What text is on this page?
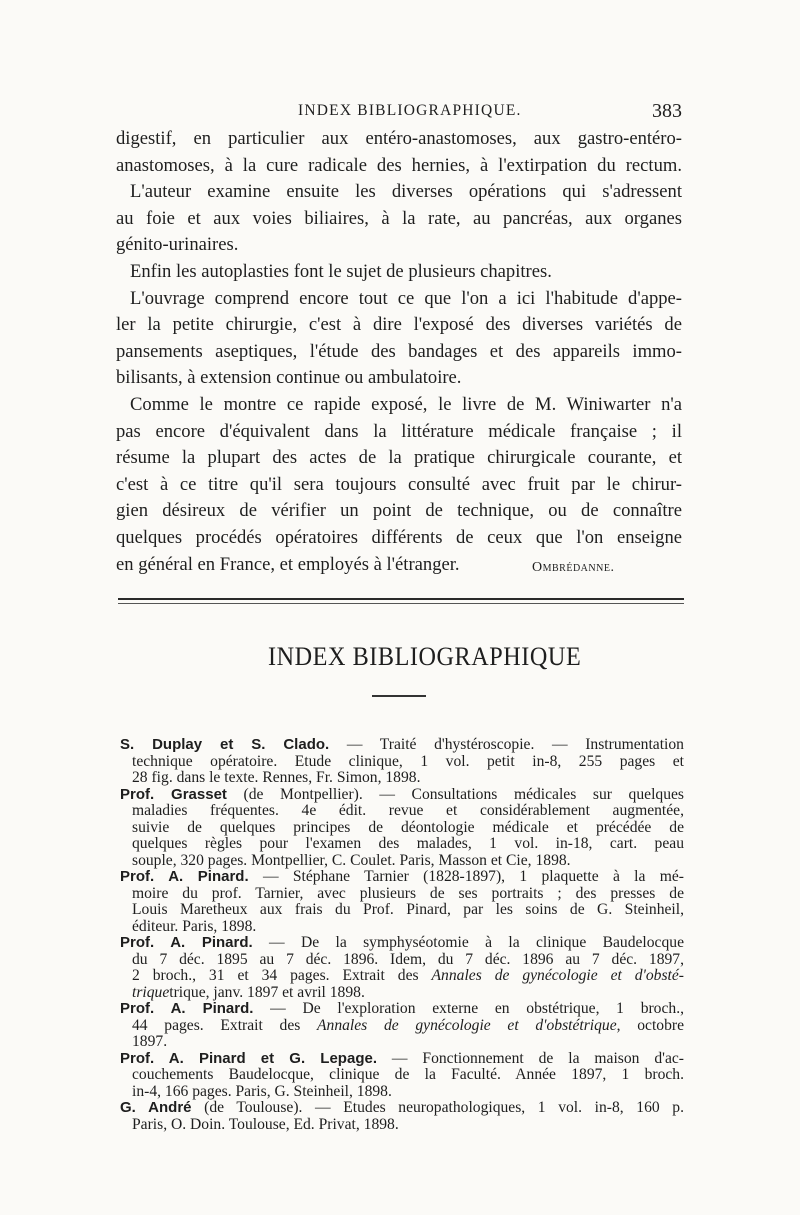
INDEX BIBLIOGRAPHIQUE.	383
digestif, en particulier aux entéro-anastomoses, aux gastro-entéro-
anastomoses, à la cure radicale des hernies, à l'extirpation du rectum.
L'auteur examine ensuite les diverses opérations qui s'adressent
au foie et aux voies biliaires, à la rate, au pancréas, aux organes
génito-urinaires.
Enfin les autoplasties font le sujet de plusieurs chapitres.
L'ouvrage comprend encore tout ce que l'on a ici l'habitude d'appe-
ler la petite chirurgie, c'est à dire l'exposé des diverses variétés de
pansements aseptiques, l'étude des bandages et des appareils immo-
bilisants, à extension continue ou ambulatoire.
Comme le montre ce rapide exposé, le livre de M. Winiwarter n'a
pas encore d'équivalent dans la littérature médicale française ; il
résume la plupart des actes de la pratique chirurgicale courante, et
c'est à ce titre qu'il sera toujours consulté avec fruit par le chirur-
gien désireux de vérifier un point de technique, ou de connaître
quelques procédés opératoires différents de ceux que l'on enseigne
en général en France, et employés à l'étranger.	Ombrédanne.
INDEX BIBLIOGRAPHIQUE
S. Duplay et S. Clado. — Traité d'hystéroscopie. — Instrumentation
technique opératoire. Etude clinique, 1 vol. petit in-8, 255 pages et
28 fig. dans le texte. Rennes, Fr. Simon, 1898.
Prof. Grasset (de Montpellier). — Consultations médicales sur quelques
maladies fréquentes. 4e édit. revue et considérablement augmentée,
suivie de quelques principes de déontologie médicale et précédée de
quelques règles pour l'examen des malades, 1 vol. in-18, cart. peau
souple, 320 pages. Montpellier, C. Coulet. Paris, Masson et Cie, 1898.
Prof. A. Pinard. — Stéphane Tarnier (1828-1897), 1 plaquette à la mé-
moire du prof. Tarnier, avec plusieurs de ses portraits ; des presses de
Louis Maretheux aux frais du Prof. Pinard, par les soins de G. Steinheil,
éditeur. Paris, 1898.
Prof. A. Pinard. — De la symphyséotomie à la clinique Baudelocque
du 7 déc. 1895 au 7 déc. 1896. Idem, du 7 déc. 1896 au 7 déc. 1897,
2 broch., 31 et 34 pages. Extrait des Annales de gynécologie et d'obsté-
triquetrique, janv. 1897 et avril 1898.
Prof. A. Pinard. — De l'exploration externe en obstétrique, 1 broch.,
44 pages. Extrait des Annales de gynécologie et d'obstétrique, octobre
1897.
Prof. A. Pinard et G. Lepage. — Fonctionnement de la maison d'ac-
couchements Baudelocque, clinique de la Faculté. Année 1897, 1 broch.
in-4, 166 pages. Paris, G. Steinheil, 1898.
G. André (de Toulouse). — Etudes neuropathologiques, 1 vol. in-8, 160 p.
Paris, O. Doin. Toulouse, Ed. Privat, 1898.
